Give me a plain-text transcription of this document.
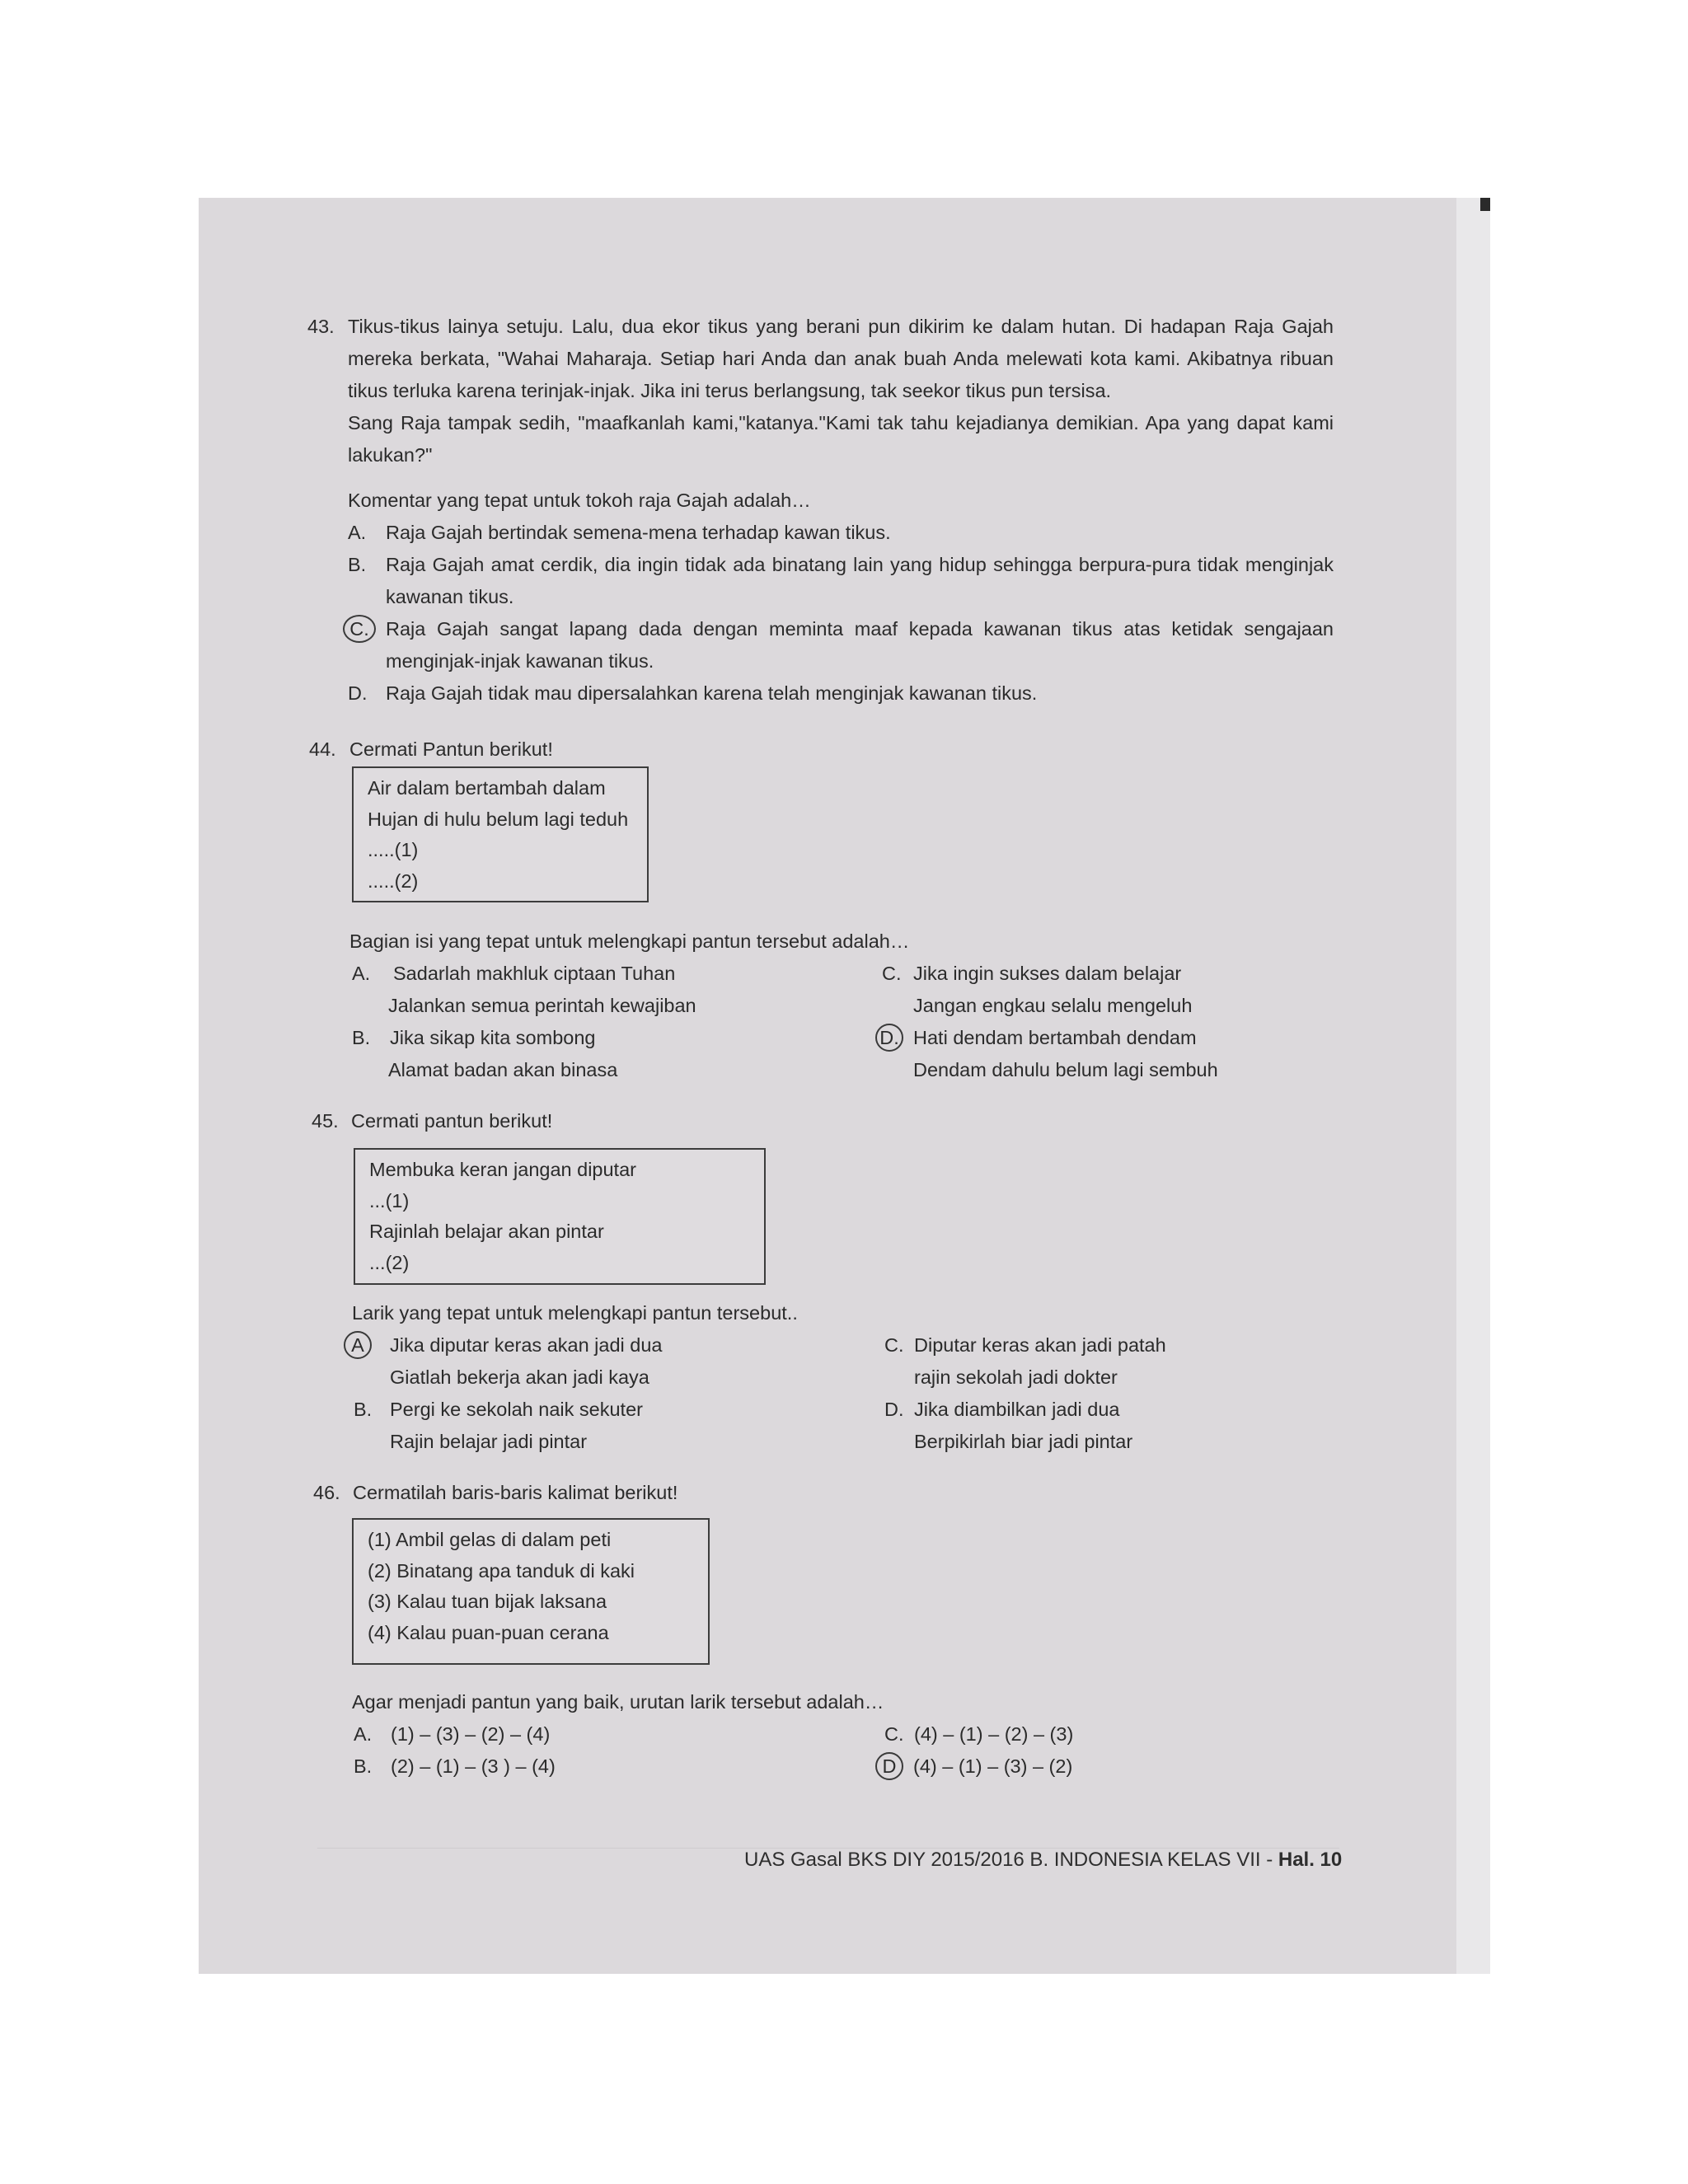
43. Tikus-tikus lainya setuju. Lalu, dua ekor tikus yang berani pun dikirim ke dalam hutan. Di hadapan Raja Gajah mereka berkata, "Wahai Maharaja. Setiap hari Anda dan anak buah Anda melewati kota kami. Akibatnya ribuan tikus terluka karena terinjak-injak. Jika ini terus berlangsung, tak seekor tikus pun tersisa.

Sang Raja tampak sedih, "maafkanlah kami,"katanya."Kami tak tahu kejadianya demikian. Apa yang dapat kami lakukan?"

Komentar yang tepat untuk tokoh raja Gajah adalah…

A. Raja Gajah bertindak semena-mena terhadap kawan tikus.
B. Raja Gajah amat cerdik, dia ingin tidak ada binatang lain yang hidup sehingga berpura-pura tidak menginjak kawanan tikus.
C. Raja Gajah sangat lapang dada dengan meminta maaf kepada kawanan tikus atas ketidak sengajaan menginjak-injak kawanan tikus.
D. Raja Gajah tidak mau dipersalahkan karena telah menginjak kawanan tikus.
44. Cermati Pantun berikut!
Air dalam bertambah dalam
Hujan di hulu belum lagi teduh
.....(1)
.....(2)
Bagian isi yang tepat untuk melengkapi pantun tersebut adalah…
A. Sadarlah makhluk ciptaan Tuhan
Jalankan semua perintah kewajiban
B. Jika sikap kita sombong
Alamat badan akan binasa
C. Jika ingin sukses dalam belajar
Jangan engkau selalu mengeluh
D. Hati dendam bertambah dendam
Dendam dahulu belum lagi sembuh
45. Cermati pantun berikut!
Membuka keran jangan diputar
...(1)
Rajinlah belajar akan pintar
...(2)
Larik yang tepat untuk melengkapi pantun tersebut..
A	Jika diputar keras akan jadi dua
Giatlah bekerja akan jadi kaya
B. Pergi ke sekolah naik sekuter
Rajin belajar jadi pintar
C. Diputar keras akan jadi patah
rajin sekolah jadi dokter
D. Jika diambilkan jadi dua
Berpikirlah biar jadi pintar
46. Cermatilah baris-baris kalimat berikut!
(1) Ambil gelas di dalam peti
(2) Binatang apa tanduk di kaki
(3) Kalau tuan bijak laksana
(4) Kalau puan-puan cerana
Agar menjadi pantun yang baik, urutan larik tersebut adalah…
A. (1) – (3) – (2) – (4)
B. (2) – (1) – (3 ) – (4)
C. (4) – (1) – (2) – (3)
D (4) – (1) – (3) – (2)
UAS Gasal BKS DIY 2015/2016 B. INDONESIA KELAS VII - Hal. 10
